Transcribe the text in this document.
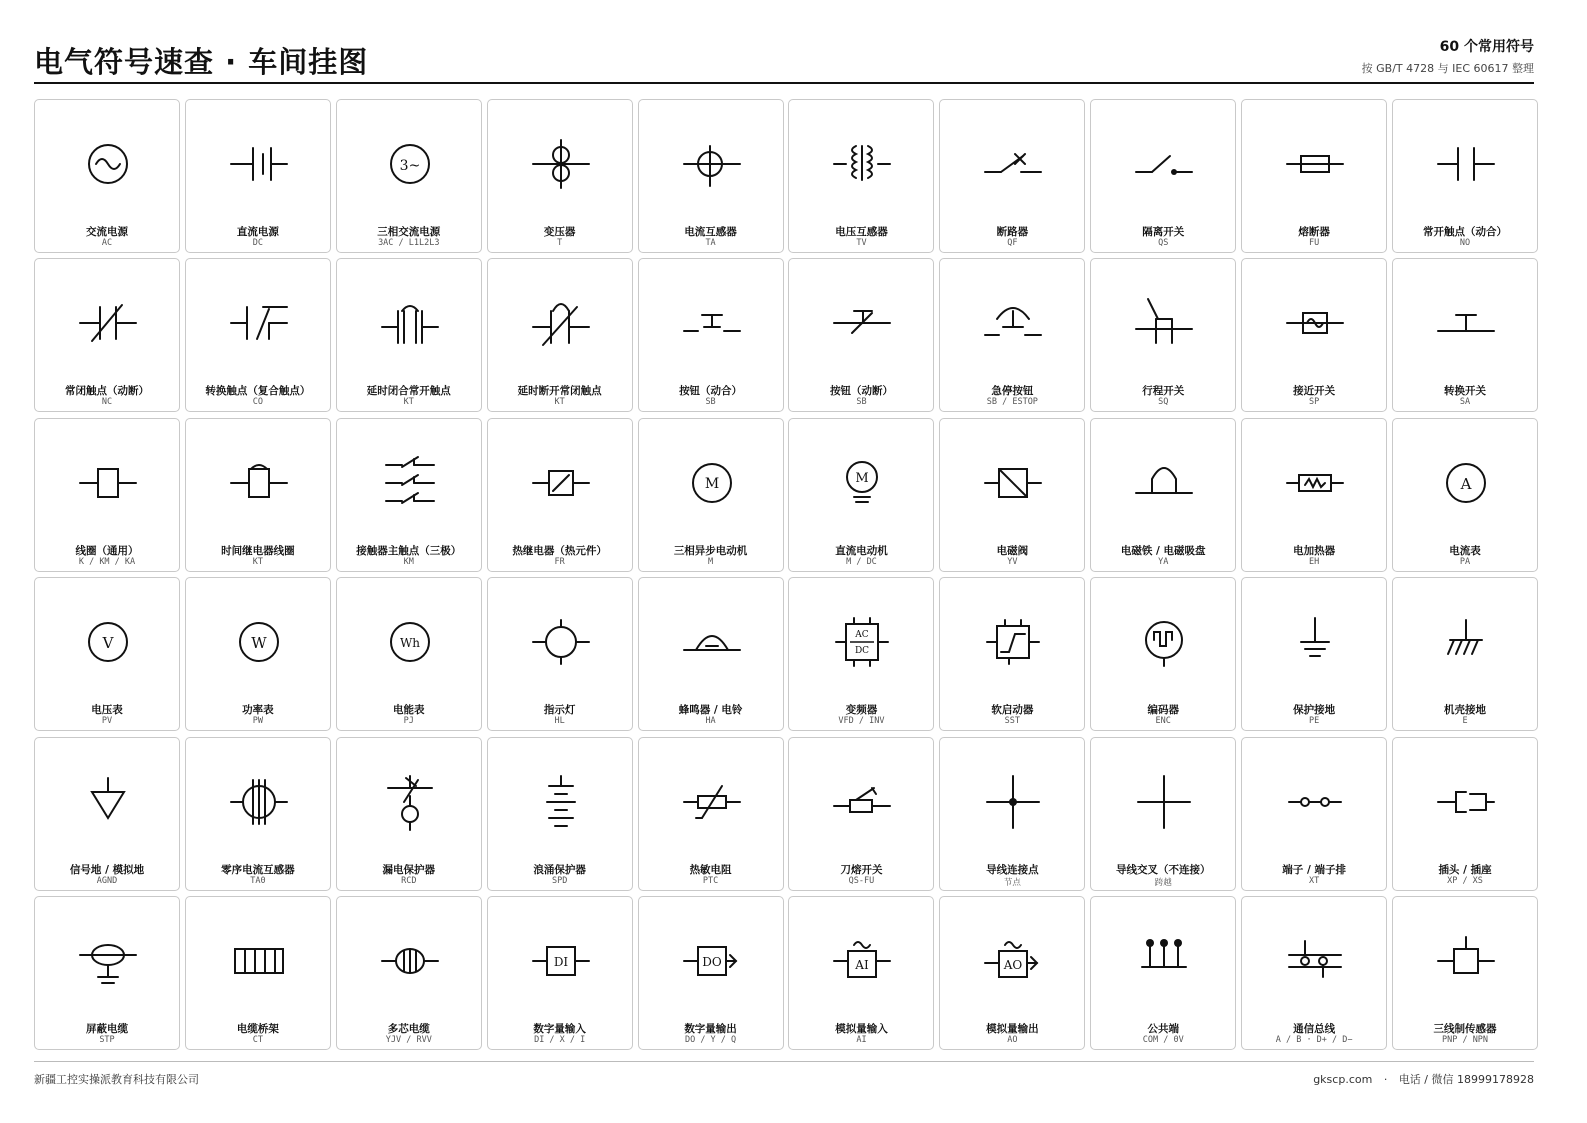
电气符号速查 · 车间挂图	60 个常用符号
按 GB/T 4728 与 IEC 60617 整理
交流电源
AC
直流电源
DC
3~
三相交流电源
3AC / L1L2L3
变压器
T
电流互感器
TA
电压互感器
TV
断路器
QF
隔离开关
QS
熔断器
FU
常开触点（动合）
NO
常闭触点（动断）
NC
转换触点（复合触点）
CO
延时闭合常开触点
KT
延时断开常闭触点
KT
按钮（动合）
SB
按钮（动断）
SB
急停按钮
SB / ESTOP
行程开关
SQ
接近开关
SP
转换开关
SA
线圈（通用）
K / KM / KA
时间继电器线圈
KT
接触器主触点（三极）
KM
热继电器（热元件）
FR
M
三相异步电动机
M
M
直流电动机
M / DC
电磁阀
YV
电磁铁 / 电磁吸盘
YA
电加热器
EH
A
电流表
PA
V
电压表
PV
W
功率表
PW
Wh
电能表
PJ
指示灯
HL
蜂鸣器 / 电铃
HA
AC
DC
变频器
VFD / INV
软启动器
SST
编码器
ENC
保护接地
PE
机壳接地
E
信号地 / 模拟地
AGND
零序电流互感器
TA0
漏电保护器
RCD
浪涌保护器
SPD
热敏电阻
PTC
刀熔开关
QS-FU
导线连接点
节点
导线交叉（不连接）
跨越
端子 / 端子排
XT
插头 / 插座
XP / XS
屏蔽电缆
STP
电缆桥架
CT
多芯电缆
YJV / RVV
DI
数字量输入
DI / X / I
DO
数字量输出
DO / Y / Q
AI
模拟量输入
AI
AO
模拟量输出
AO
公共端
COM / 0V
通信总线
A / B · D+ / D−
三线制传感器
PNP / NPN
新疆工控实操派教育科技有限公司	gkscp.com · 电话 / 微信 18999178928
